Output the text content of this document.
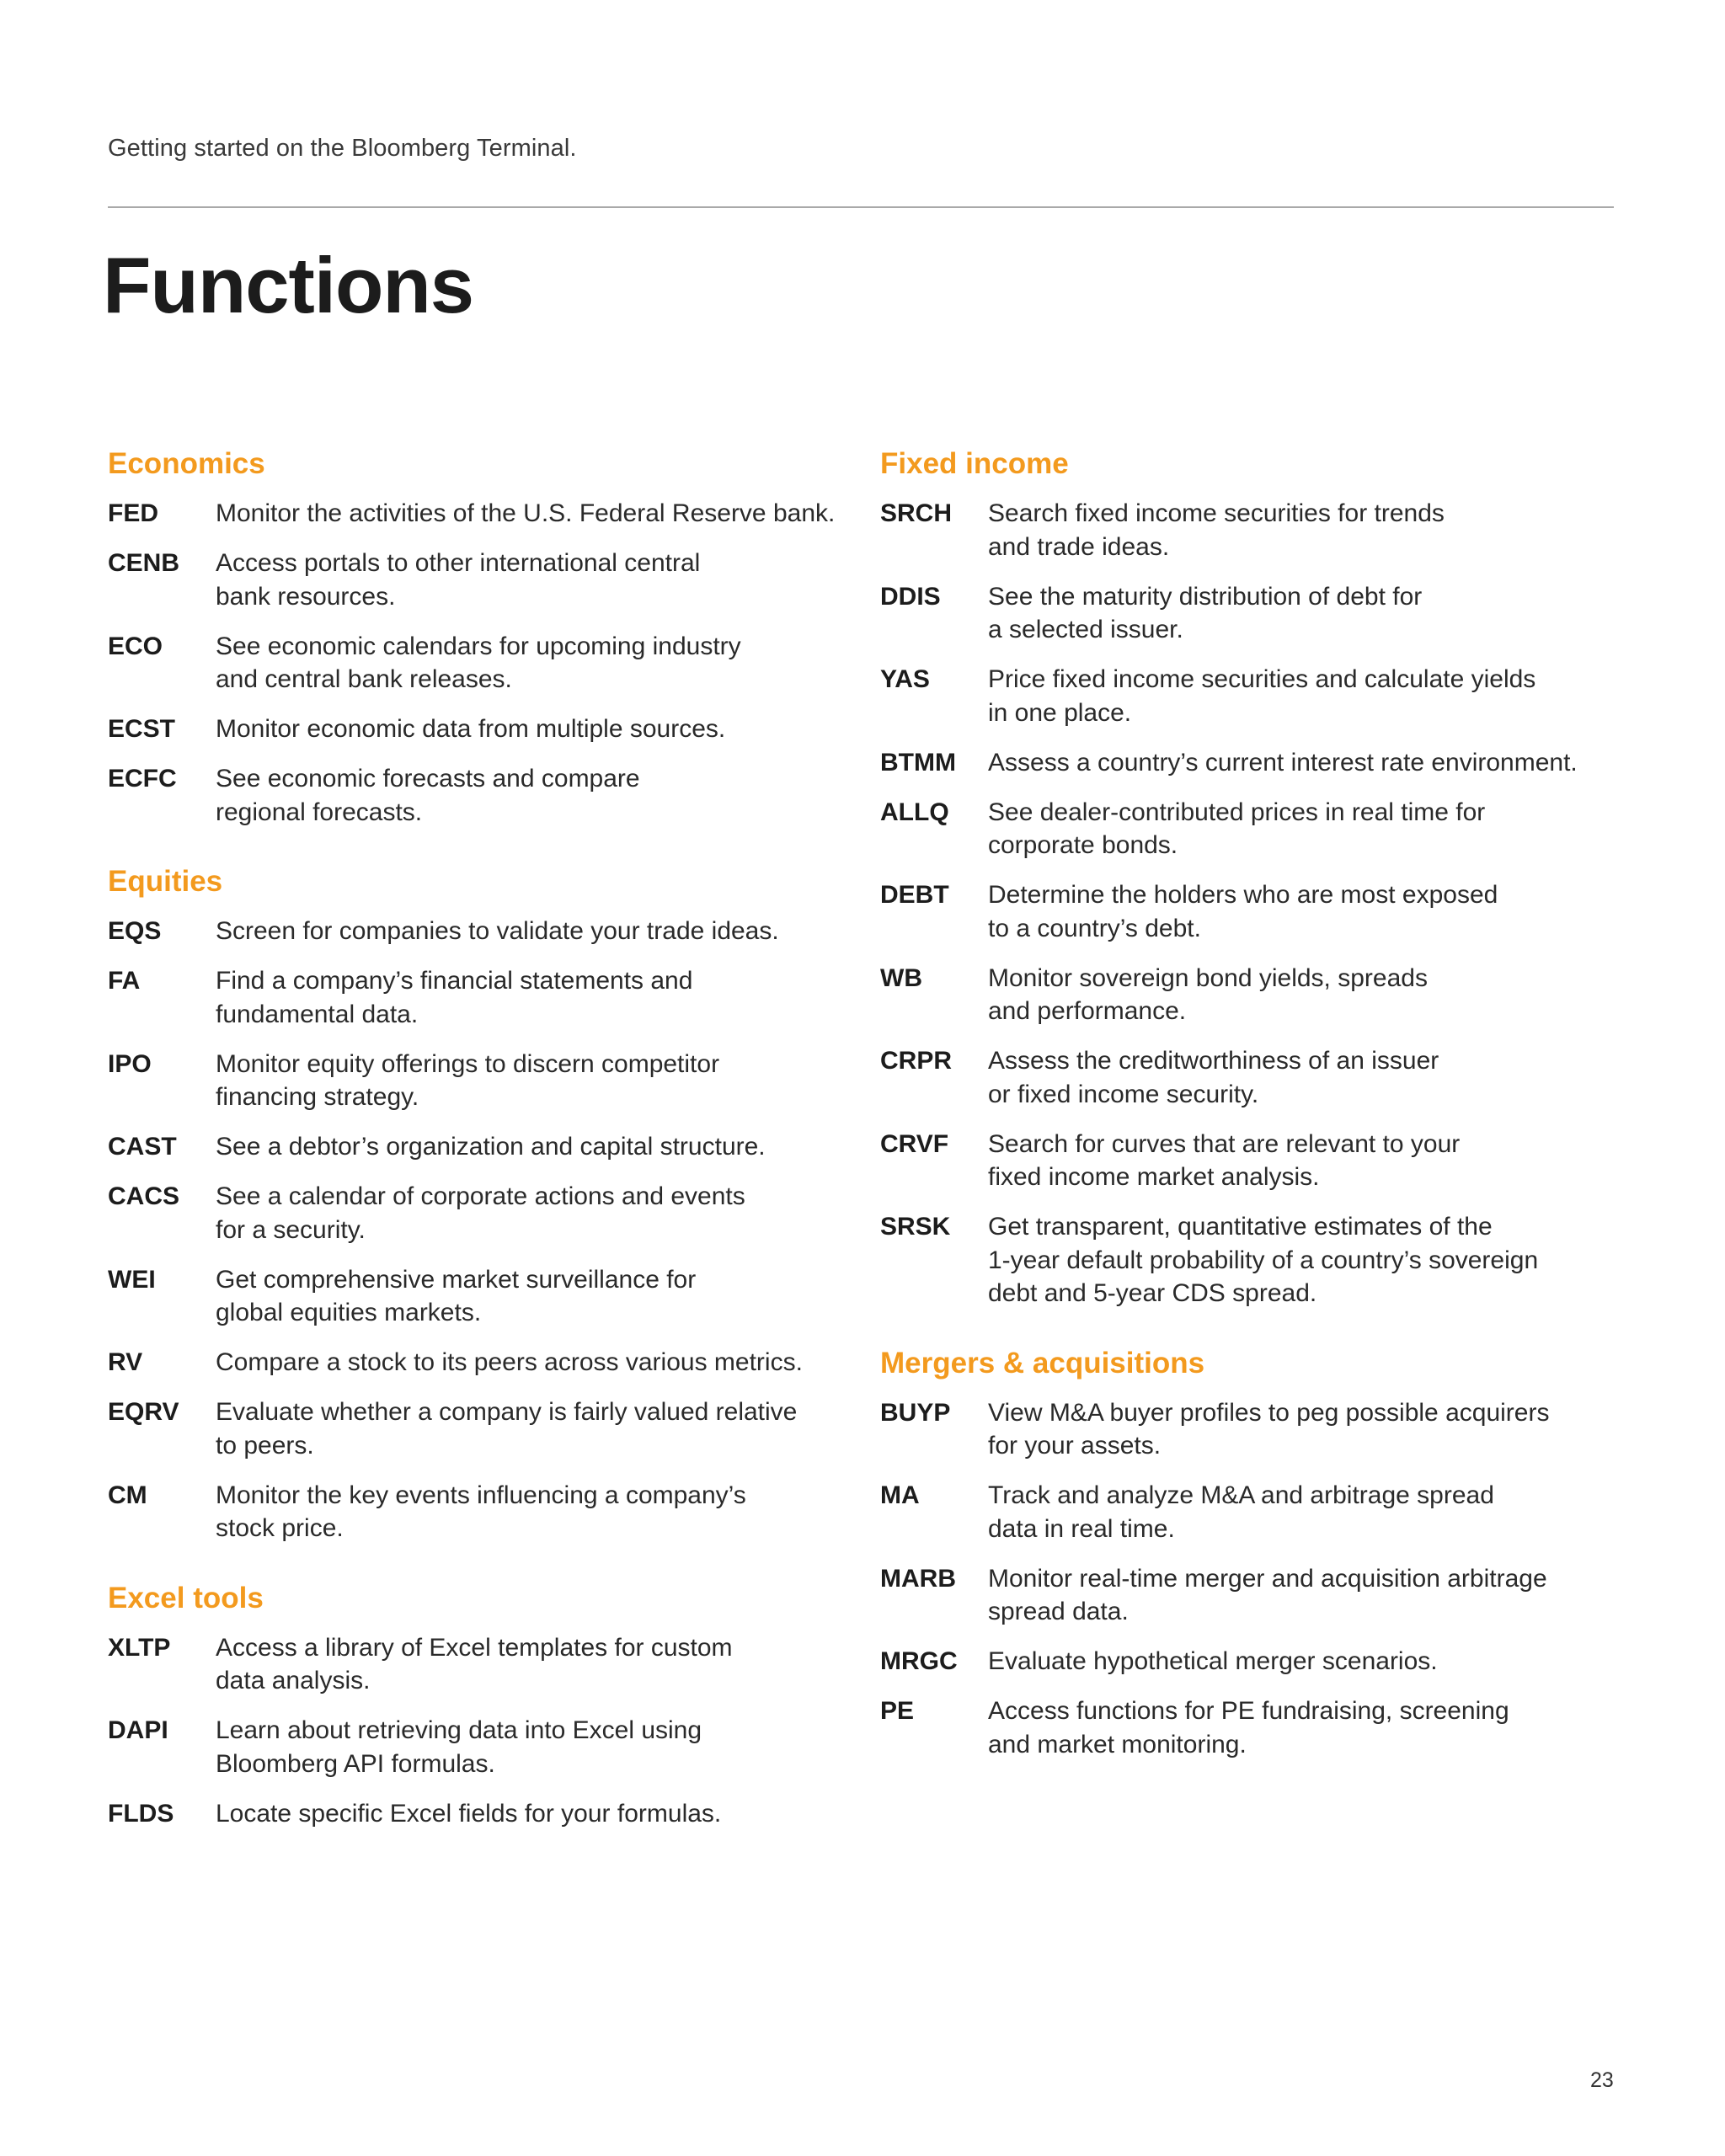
Getting started on the Bloomberg Terminal.
Functions
Economics
FED	Monitor the activities of the U.S. Federal Reserve bank.
CENB	Access portals to other international central
bank resources.
ECO	See economic calendars for upcoming industry
and central bank releases.
ECST	Monitor economic data from multiple sources.
ECFC	See economic forecasts and compare
regional forecasts.
Equities
EQS	Screen for companies to validate your trade ideas.
FA	Find a company’s financial statements and
fundamental data.
IPO	Monitor equity offerings to discern competitor
financing strategy.
CAST	See a debtor’s organization and capital structure.
CACS	See a calendar of corporate actions and events
for a security.
WEI	Get comprehensive market surveillance for
global equities markets.
RV	Compare a stock to its peers across various metrics.
EQRV	Evaluate whether a company is fairly valued relative
to peers.
CM	Monitor the key events influencing a company’s
stock price.
Excel tools
XLTP	Access a library of Excel templates for custom
data analysis.
DAPI	Learn about retrieving data into Excel using
Bloomberg API formulas.
FLDS	Locate specific Excel fields for your formulas.
Fixed income
SRCH	Search fixed income securities for trends
and trade ideas.
DDIS	See the maturity distribution of debt for
a selected issuer.
YAS	Price fixed income securities and calculate yields
in one place.
BTMM	Assess a country’s current interest rate environment.
ALLQ	See dealer-contributed prices in real time for
corporate bonds.
DEBT	Determine the holders who are most exposed
to a country’s debt.
WB	Monitor sovereign bond yields, spreads
and performance.
CRPR	Assess the creditworthiness of an issuer
or fixed income security.
CRVF	Search for curves that are relevant to your
fixed income market analysis.
SRSK	Get transparent, quantitative estimates of the
1-year default probability of a country’s sovereign
debt and 5-year CDS spread.
Mergers & acquisitions
BUYP	View M&A buyer profiles to peg possible acquirers
for your assets.
MA	Track and analyze M&A and arbitrage spread
data in real time.
MARB	Monitor real-time merger and acquisition arbitrage
spread data.
MRGC	Evaluate hypothetical merger scenarios.
PE	Access functions for PE fundraising, screening
and market monitoring.
23
